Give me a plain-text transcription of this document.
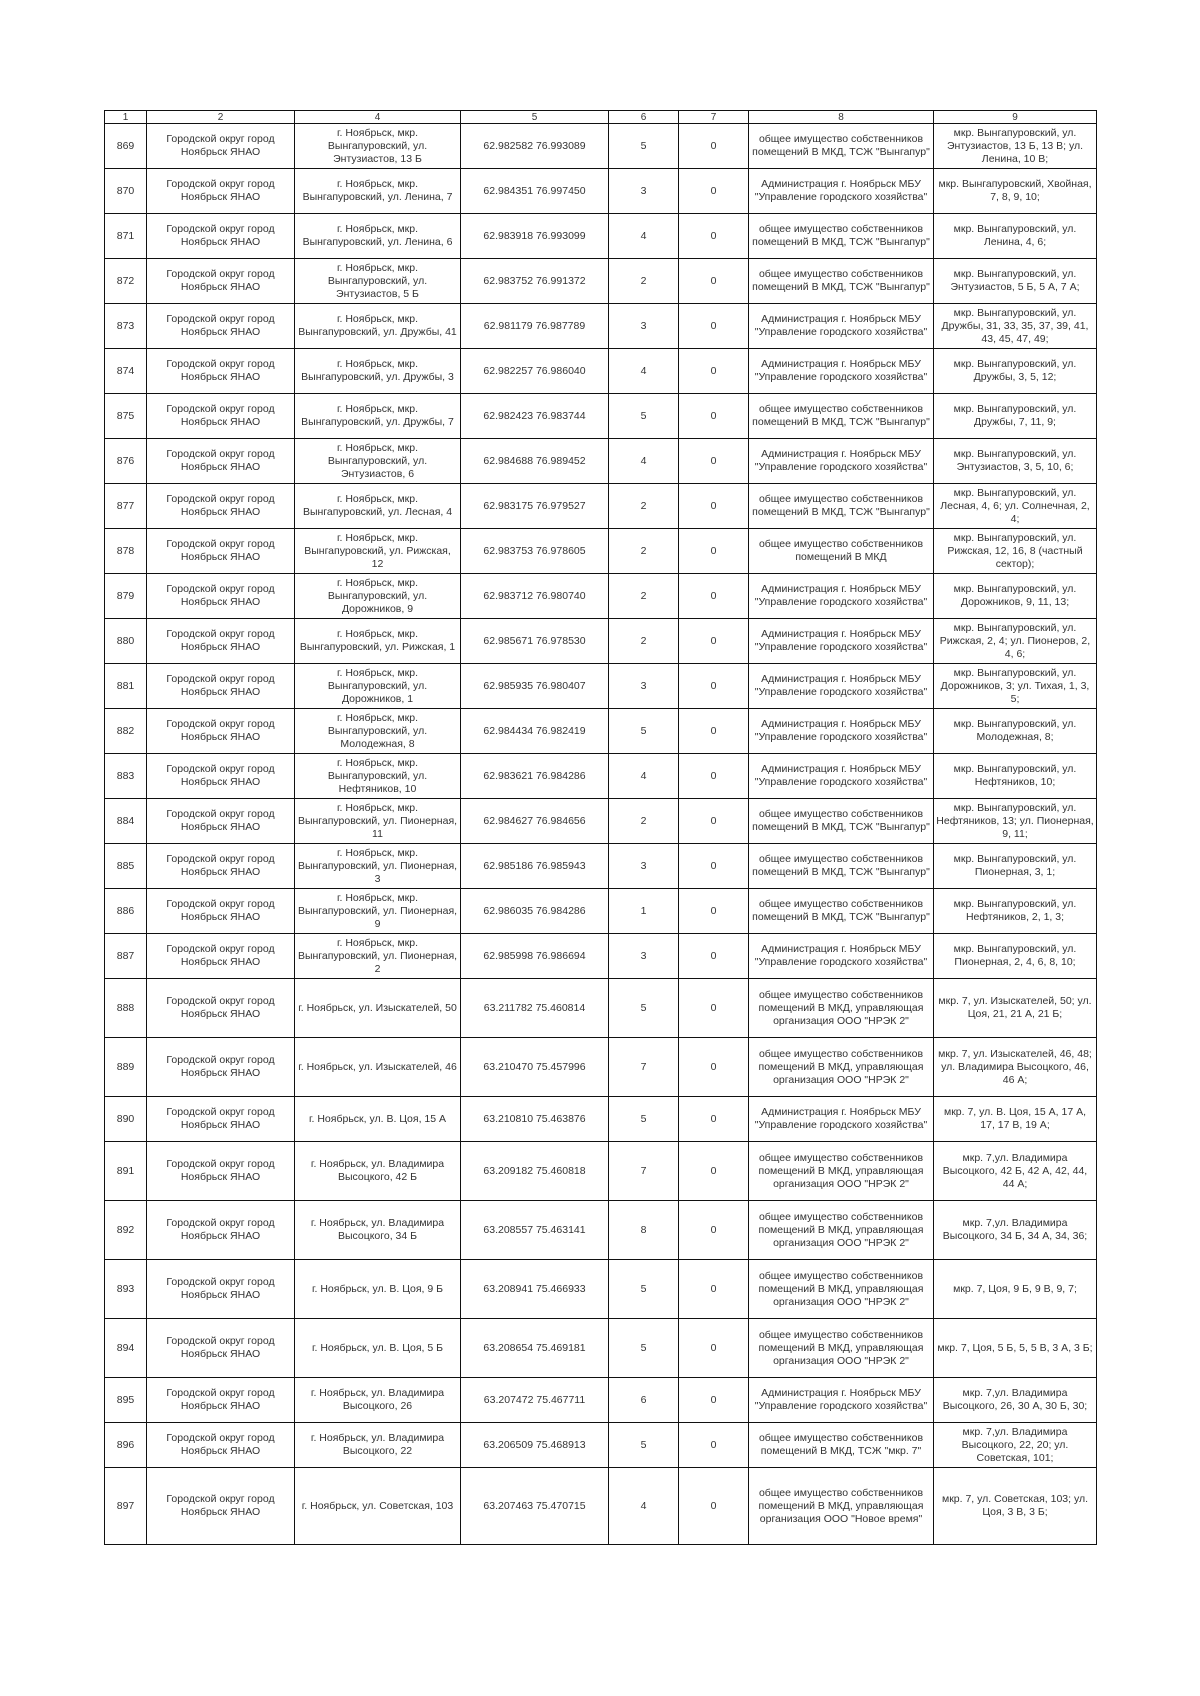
1	2	4	5	6	7	8	9
869	Городской округ город Ноябрьск ЯНАО	г. Ноябрьск, мкр. Вынгапуровский, ул. Энтузиастов, 13 Б	62.982582 76.993089	5	0	общее имущество собственников помещений В МКД, ТСЖ "Вынгапур"	мкр. Вынгапуровский, ул. Энтузиастов, 13 Б, 13 В; ул. Ленина, 10 В;
870	Городской округ город Ноябрьск ЯНАО	г. Ноябрьск, мкр. Вынгапуровский, ул. Ленина, 7	62.984351 76.997450	3	0	Администрация г. Ноябрьск МБУ "Управление городского хозяйства"	мкр. Вынгапуровский, Хвойная, 7, 8, 9, 10;
871	Городской округ город Ноябрьск ЯНАО	г. Ноябрьск, мкр. Вынгапуровский, ул. Ленина, 6	62.983918 76.993099	4	0	общее имущество собственников помещений В МКД, ТСЖ "Вынгапур"	мкр. Вынгапуровский, ул. Ленина, 4, 6;
872	Городской округ город Ноябрьск ЯНАО	г. Ноябрьск, мкр. Вынгапуровский, ул. Энтузиастов, 5 Б	62.983752 76.991372	2	0	общее имущество собственников помещений В МКД, ТСЖ "Вынгапур"	мкр. Вынгапуровский, ул. Энтузиастов, 5 Б, 5 А, 7 А;
873	Городской округ город Ноябрьск ЯНАО	г. Ноябрьск, мкр. Вынгапуровский, ул. Дружбы, 41	62.981179 76.987789	3	0	Администрация г. Ноябрьск МБУ "Управление городского хозяйства"	мкр. Вынгапуровский, ул. Дружбы, 31, 33, 35, 37, 39, 41, 43, 45, 47, 49;
874	Городской округ город Ноябрьск ЯНАО	г. Ноябрьск, мкр. Вынгапуровский, ул. Дружбы, 3	62.982257 76.986040	4	0	Администрация г. Ноябрьск МБУ "Управление городского хозяйства"	мкр. Вынгапуровский, ул. Дружбы, 3, 5, 12;
875	Городской округ город Ноябрьск ЯНАО	г. Ноябрьск, мкр. Вынгапуровский, ул. Дружбы, 7	62.982423 76.983744	5	0	общее имущество собственников помещений В МКД, ТСЖ "Вынгапур"	мкр. Вынгапуровский, ул. Дружбы, 7, 11, 9;
876	Городской округ город Ноябрьск ЯНАО	г. Ноябрьск, мкр. Вынгапуровский, ул. Энтузиастов, 6	62.984688 76.989452	4	0	Администрация г. Ноябрьск МБУ "Управление городского хозяйства"	мкр. Вынгапуровский, ул. Энтузиастов, 3, 5, 10, 6;
877	Городской округ город Ноябрьск ЯНАО	г. Ноябрьск, мкр. Вынгапуровский, ул. Лесная, 4	62.983175 76.979527	2	0	общее имущество собственников помещений В МКД, ТСЖ "Вынгапур"	мкр. Вынгапуровский, ул. Лесная, 4, 6; ул. Солнечная, 2, 4;
878	Городской округ город Ноябрьск ЯНАО	г. Ноябрьск, мкр. Вынгапуровский, ул. Рижская, 12	62.983753 76.978605	2	0	общее имущество собственников помещений В МКД	мкр. Вынгапуровский, ул. Рижская, 12, 16, 8 (частный сектор);
879	Городской округ город Ноябрьск ЯНАО	г. Ноябрьск, мкр. Вынгапуровский, ул. Дорожников, 9	62.983712 76.980740	2	0	Администрация г. Ноябрьск МБУ "Управление городского хозяйства"	мкр. Вынгапуровский, ул. Дорожников, 9, 11, 13;
880	Городской округ город Ноябрьск ЯНАО	г. Ноябрьск, мкр. Вынгапуровский, ул. Рижская, 1	62.985671 76.978530	2	0	Администрация г. Ноябрьск МБУ "Управление городского хозяйства"	мкр. Вынгапуровский, ул. Рижская, 2, 4; ул. Пионеров, 2, 4, 6;
881	Городской округ город Ноябрьск ЯНАО	г. Ноябрьск, мкр. Вынгапуровский, ул. Дорожников, 1	62.985935 76.980407	3	0	Администрация г. Ноябрьск МБУ "Управление городского хозяйства"	мкр. Вынгапуровский, ул. Дорожников, 3; ул. Тихая, 1, 3, 5;
882	Городской округ город Ноябрьск ЯНАО	г. Ноябрьск, мкр. Вынгапуровский, ул. Молодежная, 8	62.984434 76.982419	5	0	Администрация г. Ноябрьск МБУ "Управление городского хозяйства"	мкр. Вынгапуровский, ул. Молодежная, 8;
883	Городской округ город Ноябрьск ЯНАО	г. Ноябрьск, мкр. Вынгапуровский, ул. Нефтяников, 10	62.983621 76.984286	4	0	Администрация г. Ноябрьск МБУ "Управление городского хозяйства"	мкр. Вынгапуровский, ул. Нефтяников, 10;
884	Городской округ город Ноябрьск ЯНАО	г. Ноябрьск, мкр. Вынгапуровский, ул. Пионерная, 11	62.984627 76.984656	2	0	общее имущество собственников помещений В МКД, ТСЖ "Вынгапур"	мкр. Вынгапуровский, ул. Нефтяников, 13; ул. Пионерная, 9, 11;
885	Городской округ город Ноябрьск ЯНАО	г. Ноябрьск, мкр. Вынгапуровский, ул. Пионерная, 3	62.985186 76.985943	3	0	общее имущество собственников помещений В МКД, ТСЖ "Вынгапур"	мкр. Вынгапуровский, ул. Пионерная, 3, 1;
886	Городской округ город Ноябрьск ЯНАО	г. Ноябрьск, мкр. Вынгапуровский, ул. Пионерная, 9	62.986035 76.984286	1	0	общее имущество собственников помещений В МКД, ТСЖ "Вынгапур"	мкр. Вынгапуровский, ул. Нефтяников, 2, 1, 3;
887	Городской округ город Ноябрьск ЯНАО	г. Ноябрьск, мкр. Вынгапуровский, ул. Пионерная, 2	62.985998 76.986694	3	0	Администрация г. Ноябрьск МБУ "Управление городского хозяйства"	мкр. Вынгапуровский, ул. Пионерная, 2, 4, 6, 8, 10;
888	Городской округ город Ноябрьск ЯНАО	г. Ноябрьск, ул. Изыскателей, 50	63.211782 75.460814	5	0	общее имущество собственников помещений В МКД, управляющая организация ООО "НРЭК 2"	мкр. 7, ул. Изыскателей, 50; ул. Цоя, 21, 21 А, 21 Б;
889	Городской округ город Ноябрьск ЯНАО	г. Ноябрьск, ул. Изыскателей, 46	63.210470 75.457996	7	0	общее имущество собственников помещений В МКД, управляющая организация ООО "НРЭК 2"	мкр. 7, ул. Изыскателей, 46, 48; ул. Владимира Высоцкого, 46, 46 А;
890	Городской округ город Ноябрьск ЯНАО	г. Ноябрьск, ул. В. Цоя, 15 А	63.210810 75.463876	5	0	Администрация г. Ноябрьск МБУ "Управление городского хозяйства"	мкр. 7, ул. В. Цоя, 15 А, 17 А, 17, 17 В, 19 А;
891	Городской округ город Ноябрьск ЯНАО	г. Ноябрьск, ул. Владимира Высоцкого, 42 Б	63.209182 75.460818	7	0	общее имущество собственников помещений В МКД, управляющая организация ООО "НРЭК 2"	мкр. 7,ул. Владимира Высоцкого, 42 Б, 42 А, 42, 44, 44 А;
892	Городской округ город Ноябрьск ЯНАО	г. Ноябрьск, ул. Владимира Высоцкого, 34 Б	63.208557 75.463141	8	0	общее имущество собственников помещений В МКД, управляющая организация ООО "НРЭК 2"	мкр. 7,ул. Владимира Высоцкого, 34 Б, 34 А, 34, 36;
893	Городской округ город Ноябрьск ЯНАО	г. Ноябрьск, ул. В. Цоя, 9 Б	63.208941 75.466933	5	0	общее имущество собственников помещений В МКД, управляющая организация ООО "НРЭК 2"	мкр. 7, Цоя, 9 Б, 9 В, 9, 7;
894	Городской округ город Ноябрьск ЯНАО	г. Ноябрьск, ул. В. Цоя, 5 Б	63.208654 75.469181	5	0	общее имущество собственников помещений В МКД, управляющая организация ООО "НРЭК 2"	мкр. 7, Цоя, 5 Б, 5, 5 В, 3 А, 3 Б;
895	Городской округ город Ноябрьск ЯНАО	г. Ноябрьск, ул. Владимира Высоцкого, 26	63.207472 75.467711	6	0	Администрация г. Ноябрьск МБУ "Управление городского хозяйства"	мкр. 7,ул. Владимира Высоцкого, 26, 30 А, 30 Б, 30;
896	Городской округ город Ноябрьск ЯНАО	г. Ноябрьск, ул. Владимира Высоцкого, 22	63.206509 75.468913	5	0	общее имущество собственников помещений В МКД, ТСЖ "мкр. 7"	мкр. 7,ул. Владимира Высоцкого, 22, 20; ул. Советская, 101;
897	Городской округ город Ноябрьск ЯНАО	г. Ноябрьск, ул. Советская, 103	63.207463 75.470715	4	0	общее имущество собственников помещений В МКД, управляющая организация ООО "Новое время"	мкр. 7, ул. Советская, 103; ул. Цоя, 3 В, 3 Б;
